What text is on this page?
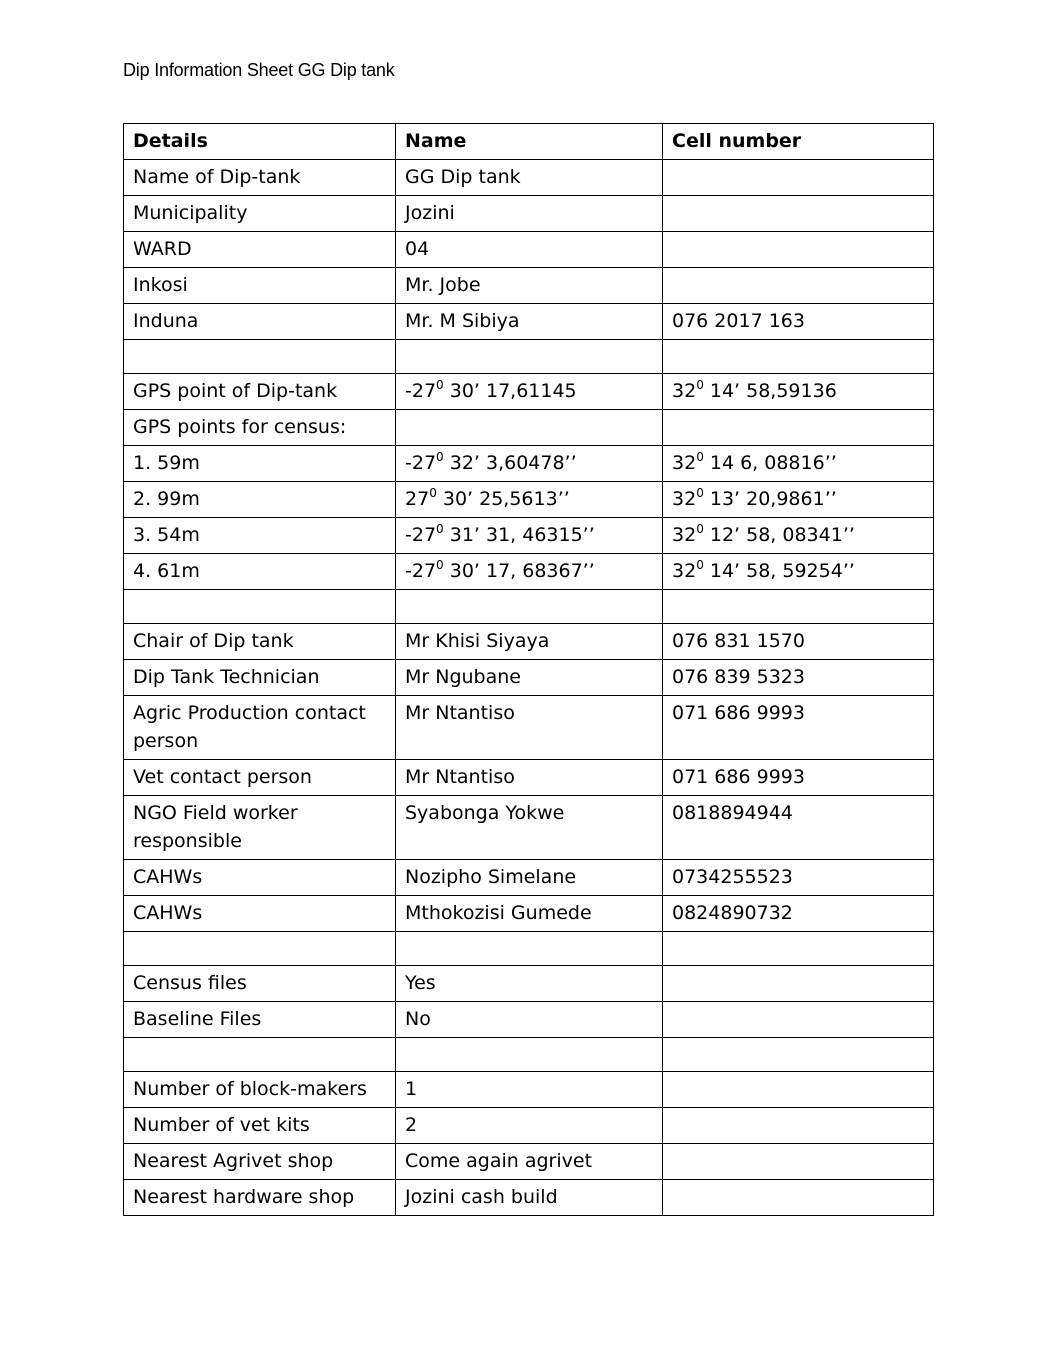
Dip Information Sheet GG Dip tank
Details	Name	Cell number
Name of Dip-tank	GG Dip tank	
Municipality	Jozini	
WARD	04	
Inkosi	Mr. Jobe	
Induna	Mr. M Sibiya	076 2017 163

GPS point of Dip-tank	$-27^0$ 30’ 17,61145	$32^0$ 14’ 58,59136
GPS points for census:		
1. 59m	$-27^0$ 32’ 3,60478’’	$32^0$ 14 6, 08816’’
2. 99m	$27^0$ 30’ 25,5613’’	$32^0$ 13’ 20,9861’’
3. 54m	$-27^0$ 31’ 31, 46315’’	$32^0$ 12’ 58, 08341’’
4. 61m	$-27^0$ 30’ 17, 68367’’	$32^0$ 14’ 58, 59254’’

Chair of Dip tank	Mr Khisi Siyaya	076 831 1570
Dip Tank Technician	Mr Ngubane	076 839 5323
Agric Production contact person	Mr Ntantiso	071 686 9993
Vet contact person	Mr Ntantiso	071 686 9993
NGO Field worker responsible	Syabonga Yokwe	0818894944
CAHWs	Nozipho Simelane	0734255523
CAHWs	Mthokozisi Gumede	0824890732

Census files	Yes	
Baseline Files	No	

Number of block-makers	1	
Number of vet kits	2	
Nearest Agrivet shop	Come again agrivet	
Nearest hardware shop	Jozini cash build	
